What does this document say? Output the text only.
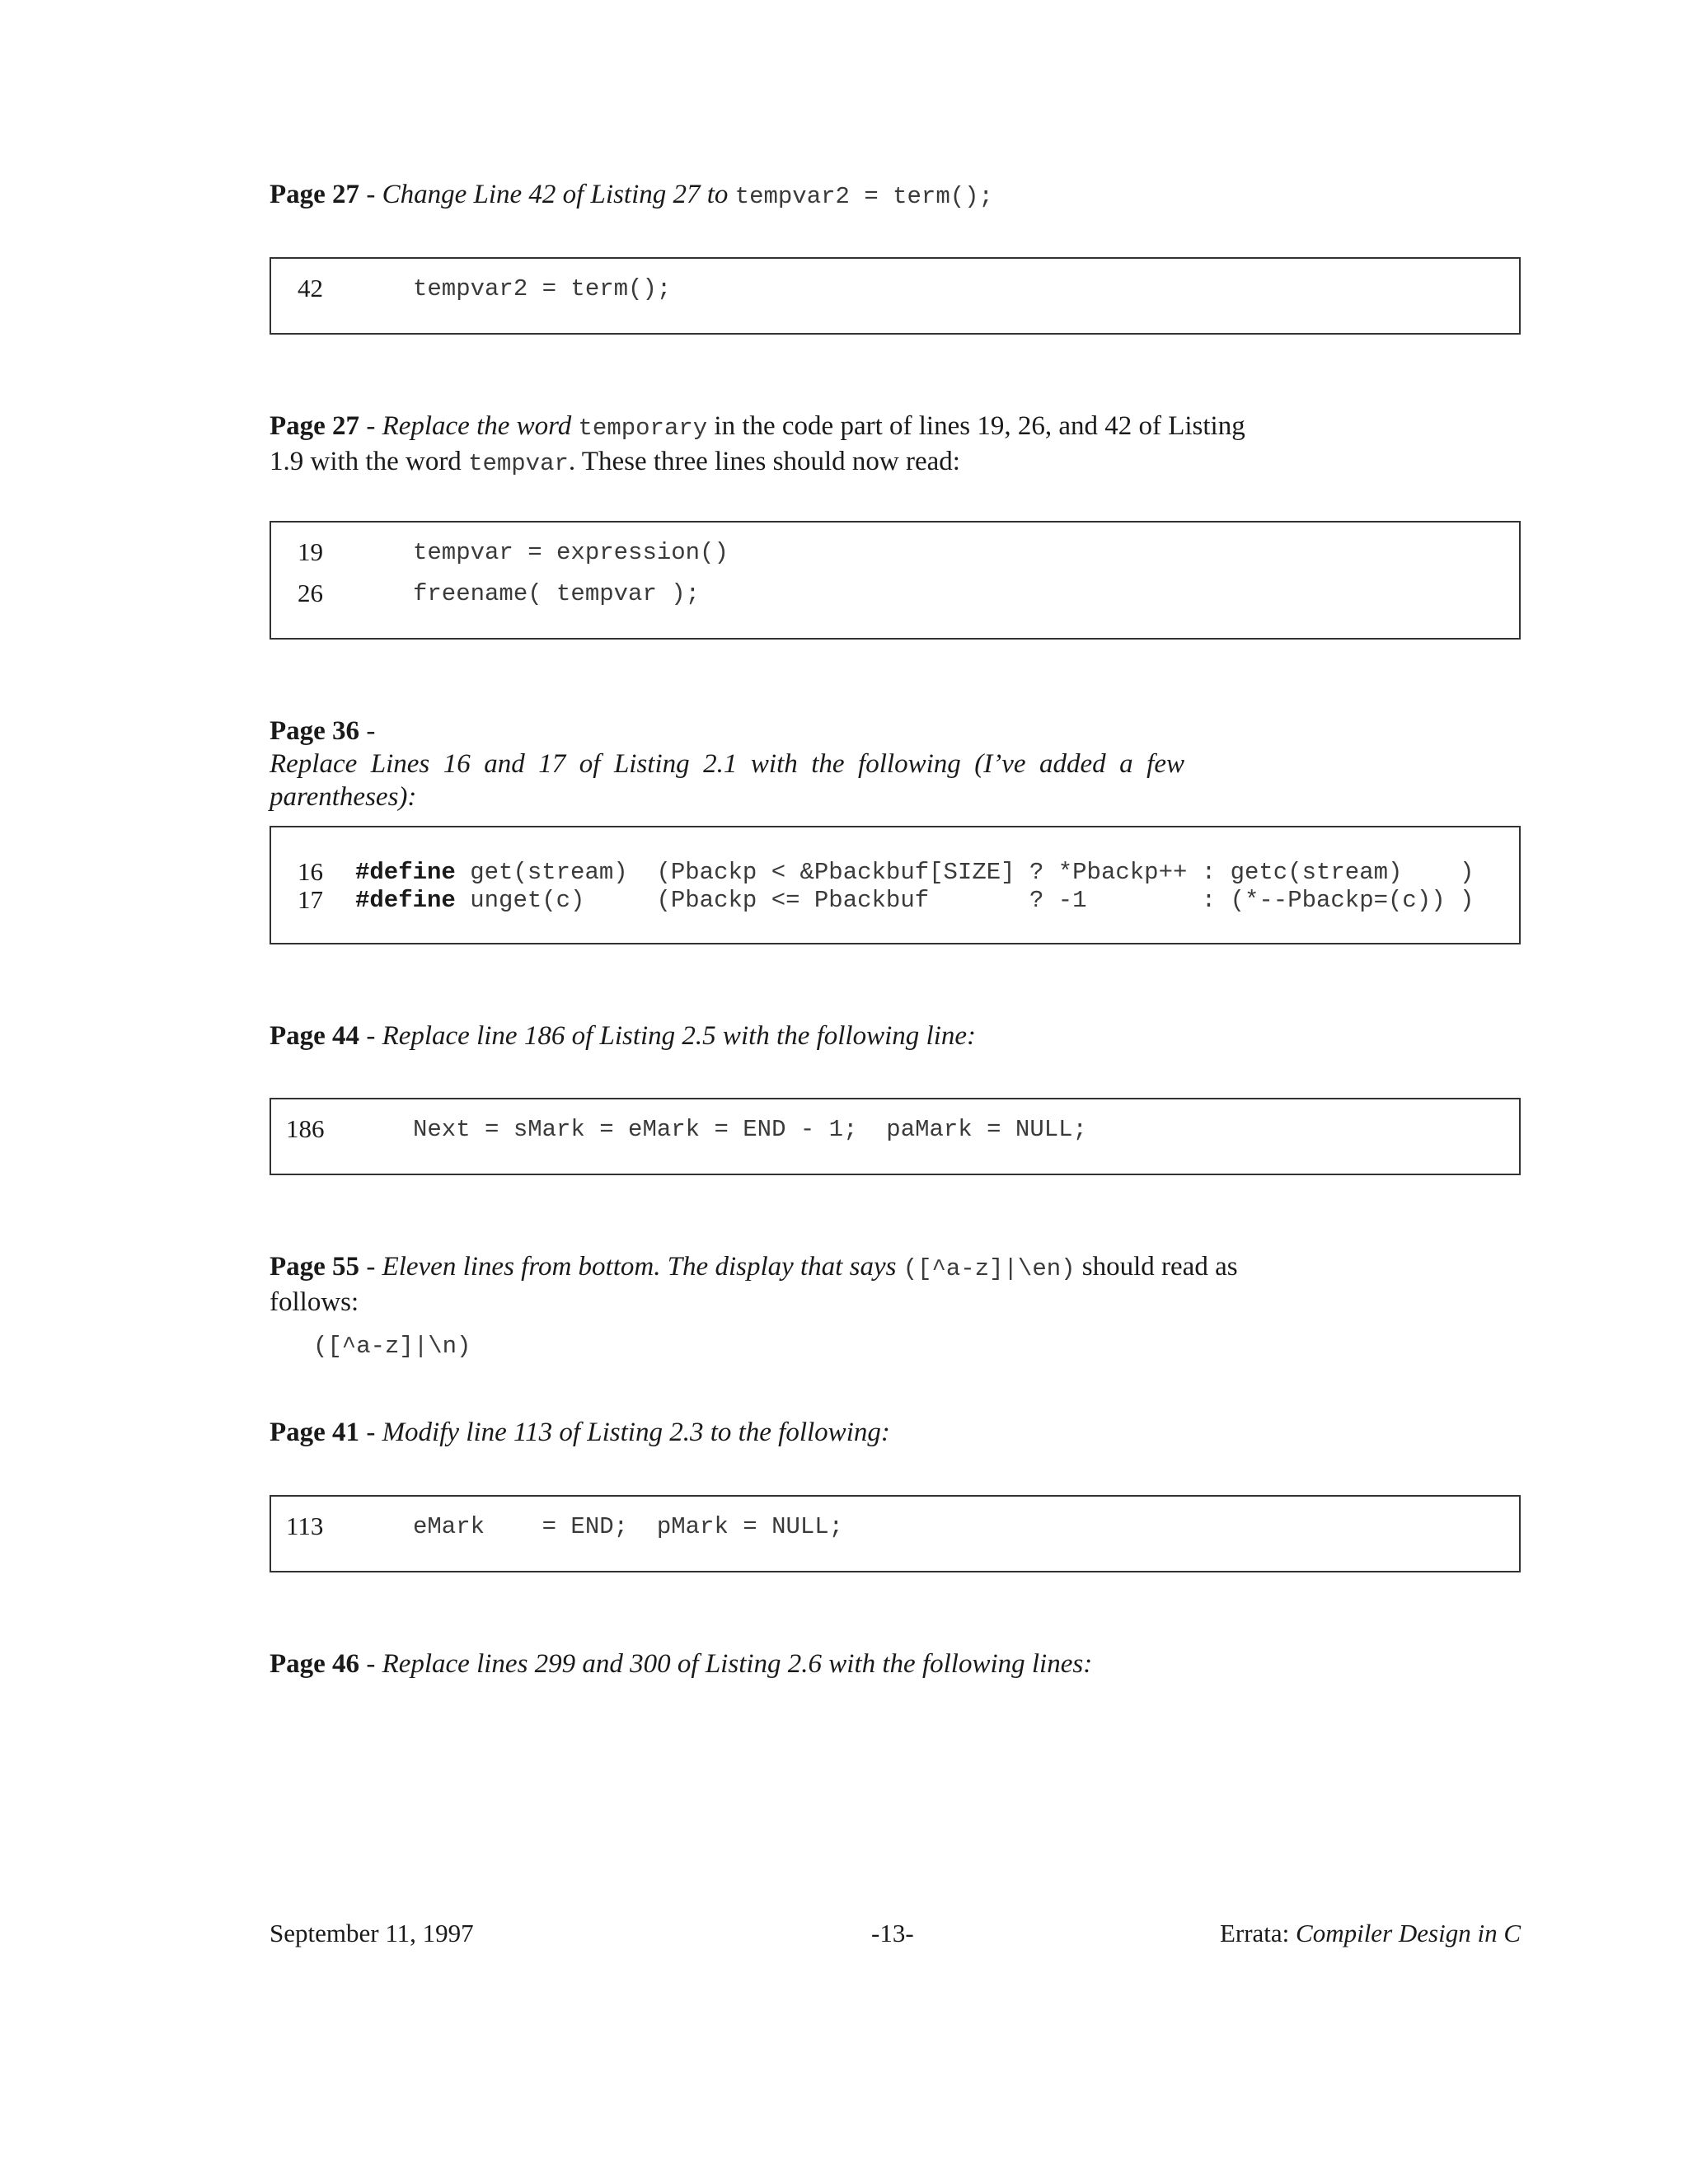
Page 27 - Change Line 42 of Listing 27 to tempvar2 = term();
42	tempvar2 = term();
Page 27 - Replace the word temporary in the code part of lines 19, 26, and 42 of Listing
1.9 with the word tempvar. These three lines should now read:
19	tempvar = expression()
26	freename( tempvar );
Page 36 - Replace  Lines  16  and  17  of  Listing  2.1  with  the  following  (I’ve  added  a  few
parentheses):
16 #define get(stream)  (Pbackp < &Pbackbuf[SIZE] ? *Pbackp++ : getc(stream)    )
17 #define unget(c)     (Pbackp <= Pbackbuf       ? -1        : (*--Pbackp=(c)) )
Page 44 - Replace line 186 of Listing 2.5 with the following line:
186	Next = sMark = eMark = END - 1;  paMark = NULL;
Page 55 - Eleven lines from bottom. The display that says ([^a-z]|\en) should read as
follows:
([^a-z]|\n)
Page 41 - Modify line 113 of Listing 2.3 to the following:
113	eMark    = END;  pMark = NULL;
Page 46 - Replace lines 299 and 300 of Listing 2.6 with the following lines:
September 11, 1997	-13-	Errata: Compiler Design in C
